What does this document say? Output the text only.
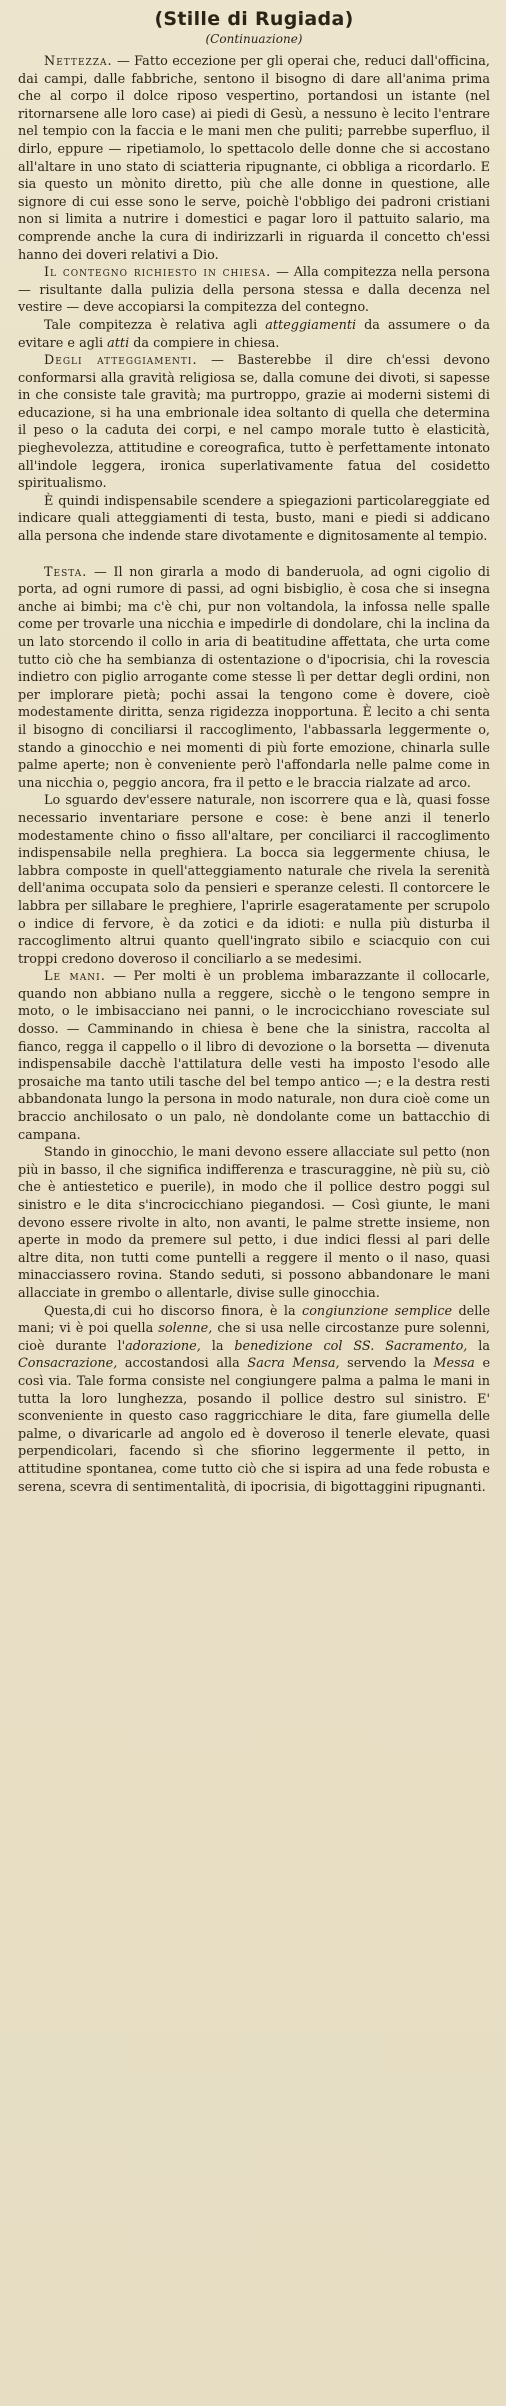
(Stille di Rugiada)
(Continuazione)

Nettezza. — Fatto eccezione per gli operai che, reduci dall'officina, dai campi, dalle fabbriche, sentono il bisogno di dare all'anima prima che al corpo il dolce riposo vespertino, portandosi un istante (nel ritornarsene alle loro case) ai piedi di Gesù, a nessuno è lecito l'entrare nel tempio con la faccia e le mani men che puliti; parrebbe superfluo, il dirlo, eppure — ripetiamolo, lo spettacolo delle donne che si accostano all'altare in uno stato di sciatteria ripugnante, ci obbliga a ricordarlo. E sia questo un mònito diretto, più che alle donne in questione, alle signore di cui esse sono le serve, poichè l'obbligo dei padroni cristiani non si limita a nutrire i domestici e pagar loro il pattuito salario, ma comprende anche la cura di indirizzarli in riguarda il concetto ch'essi hanno dei doveri relativi a Dio.

Il contegno richiesto in chiesa. — Alla compitezza nella persona — risultante dalla pulizia della persona stessa e dalla decenza nel vestire — deve accopiarsi la compitezza del contegno.

Tale compitezza è relativa agli atteggiamenti da assumere o da evitare e agli atti da compiere in chiesa.

Degli atteggiamenti. — Basterebbe il dire ch'essi devono conformarsi alla gravità religiosa se, dalla comune dei divoti, si sapesse in che consiste tale gravità; ma purtroppo, grazie ai moderni sistemi di educazione, si ha una embrionale idea soltanto di quella che determina il peso o la caduta dei corpi, e nel campo morale tutto è elasticità, pieghevolezza, attitudine e coreografica, tutto è perfettamente intonato all'indole leggera, ironica superlativamente fatua del cosidetto spiritualismo.

È quindi indispensabile scendere a spiegazioni particolareggiate ed indicare quali atteggiamenti di testa, busto, mani e piedi si addicano alla persona che indende stare divotamente e dignitosamente al tempio.

Testa. — Il non girarla a modo di banderuola, ad ogni cigolio di porta, ad ogni rumore di passi, ad ogni bisbiglio, è cosa che si insegna anche ai bimbi; ma c'è chi, pur non voltandola, la infossa nelle spalle come per trovarle una nicchia e impedirle di dondolare, chi la inclina da un lato storcendo il collo in aria di beatitudine affettata, che urta come tutto ciò che ha sembianza di ostentazione o d'ipocrisia, chi la rovescia indietro con piglio arrogante come stesse lì per dettar degli ordini, non per implorare pietà; pochi assai la tengono come è dovere, cioè modestamente diritta, senza rigidezza inopportuna. È lecito a chi senta il bisogno di conciliarsi il raccoglimento, l'abbassarla leggermente o, stando a ginocchio e nei momenti di più forte emozione, chinarla sulle palme aperte; non è conveniente però l'affondarla nelle palme come in una nicchia o, peggio ancora, fra il petto e le braccia rialzate ad arco.

Lo sguardo dev'essere naturale, non iscorrere qua e là, quasi fosse necessario inventariare persone e cose: è bene anzi il tenerlo modestamente chino o fisso all'altare, per conciliarci il raccoglimento indispensabile nella preghiera. La bocca sia leggermente chiusa, le labbra composte in quell'atteggiamento naturale che rivela la serenità dell'anima occupata solo da pensieri e speranze celesti. Il contorcere le labbra per sillabare le preghiere, l'aprirle esageratamente per scrupolo o indice di fervore, è da zotici e da idioti: e nulla più disturba il raccoglimento altrui quanto quell'ingrato sibilo e sciacquio con cui troppi credono doveroso il conciliarlo a se medesimi.

Le mani. — Per molti è un problema imbarazzante il collocarle, quando non abbiano nulla a reggere, sicchè o le tengono sempre in moto, o le imbisacciano nei panni, o le incrocicchiano rovesciate sul dosso. — Camminando in chiesa è bene che la sinistra, raccolta al fianco, regga il cappello o il libro di devozione o la borsetta — divenuta indispensabile dacchè l'attilatura delle vesti ha imposto l'esodo alle prosaiche ma tanto utili tasche del bel tempo antico —; e la destra resti abbandonata lungo la persona in modo naturale, non dura cioè come un braccio anchilosato o un palo, nè dondolante come un battacchio di campana.

Stando in ginocchio, le mani devono essere allacciate sul petto (non più in basso, il che significa indifferenza e trascuraggine, nè più su, ciò che è antiestetico e puerile), in modo che il pollice destro poggi sul sinistro e le dita s'incrocicchiano piegandosi. — Così giunte, le mani devono essere rivolte in alto, non avanti, le palme strette insieme, non aperte in modo da premere sul petto, i due indici flessi al pari delle altre dita, non tutti come puntelli a reggere il mento o il naso, quasi minacciassero rovina. Stando seduti, si possono abbandonare le mani allacciate in grembo o allentarle, divise sulle ginocchia.

Questa,di cui ho discorso finora, è la congiunzione semplice delle mani; vi è poi quella solenne, che si usa nelle circostanze pure solenni, cioè durante l'adorazione, la benedizione col SS. Sacramento, la Consacrazione, accostandosi alla Sacra Mensa, servendo la Messa e così via. Tale forma consiste nel congiungere palma a palma le mani in tutta la loro lunghezza, posando il pollice destro sul sinistro. E' sconveniente in questo caso raggricchiare le dita, fare giumella delle palme, o divaricarle ad angolo ed è doveroso il tenerle elevate, quasi perpendicolari, facendo sì che sfiorino leggermente il petto, in attitudine spontanea, come tutto ciò che si ispira ad una fede robusta e serena, scevra di sentimentalità, di ipocrisia, di bigottaggini ripugnanti.
